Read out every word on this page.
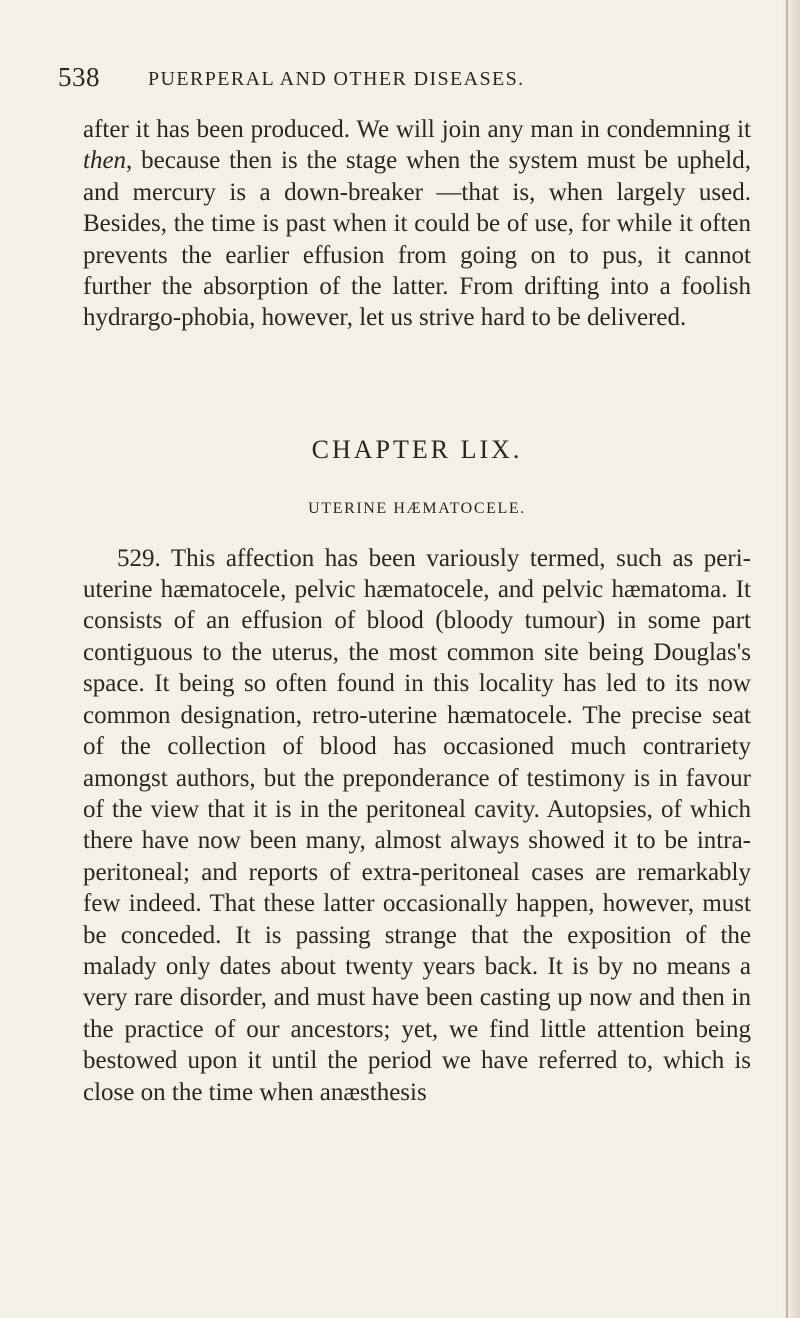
538 PUERPERAL AND OTHER DISEASES.

after it has been produced. We will join any man in condemning it then, because then is the stage when the system must be upheld, and mercury is a down-breaker —that is, when largely used. Besides, the time is past when it could be of use, for while it often prevents the earlier effusion from going on to pus, it cannot further the absorption of the latter. From drifting into a foolish hydrargo-phobia, however, let us strive hard to be delivered.

CHAPTER LIX.

UTERINE HÆMATOCELE.

529. This affection has been variously termed, such as peri-uterine hæmatocele, pelvic hæmatocele, and pelvic hæmatoma. It consists of an effusion of blood (bloody tumour) in some part contiguous to the uterus, the most common site being Douglas's space. It being so often found in this locality has led to its now common designation, retro-uterine hæmatocele. The precise seat of the collection of blood has occasioned much contrariety amongst authors, but the preponderance of testimony is in favour of the view that it is in the peritoneal cavity. Autopsies, of which there have now been many, almost always showed it to be intra-peritoneal; and reports of extra-peritoneal cases are remarkably few indeed. That these latter occasionally happen, however, must be conceded. It is passing strange that the exposition of the malady only dates about twenty years back. It is by no means a very rare disorder, and must have been casting up now and then in the practice of our ancestors; yet, we find little attention being bestowed upon it until the period we have referred to, which is close on the time when anæsthesis
